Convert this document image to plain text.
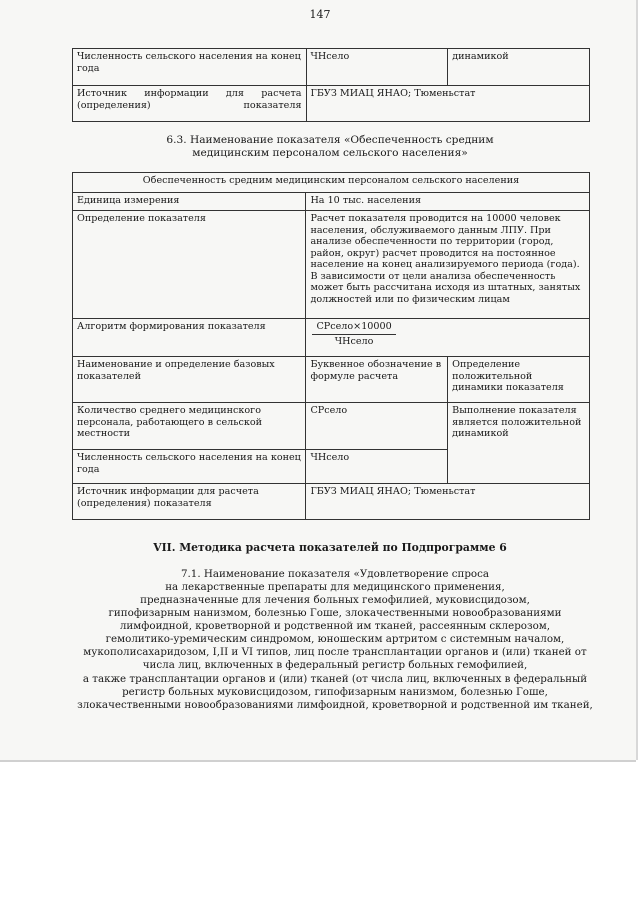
147
Численность сельского населения на конец года	ЧНсело	динамикой
Источник информации для расчета (определения) показателя	ГБУЗ МИАЦ ЯНАО; Тюменьстат	
6.3. Наименование показателя «Обеспеченность средним
медицинским персоналом сельского населения»
Обеспеченность средним медицинским персоналом сельского населения		
Единица измерения	На 10 тыс. населения	
Определение показателя	Расчет показателя проводится на 10000 человек населения, обслуживаемого данным ЛПУ. При анализе обеспеченности по территории (город, район, округ) расчет проводится на постоянное население на конец анализируемого периода (года). В зависимости от цели анализа обеспеченность может быть рассчитана исходя из штатных, занятых должностей или по физическим лицам	
Алгоритм формирования показателя	$\frac{\text{СРсело×10000}}{\text{ЧНсело}}$

Наименование и определение базовых показателей	Буквенное обозначение в формуле расчета	Определение положительной динамики показателя
Количество среднего медицинского персонала, работающего в сельской местности	СРсело	Выполнение показателя является положительной динамикой
Численность сельского населения на конец года	ЧНсело	
Источник информации для расчета (определения) показателя	ГБУЗ МИАЦ ЯНАО; Тюменьстат	
VII. Методика расчета показателей по Подпрограмме 6
7.1. Наименование показателя «Удовлетворение спроса
на лекарственные препараты для медицинского применения,
предназначенные для лечения больных гемофилией, муковисцидозом,
гипофизарным нанизмом, болезнью Гоше, злокачественными новообразованиями
лимфоидной, кроветворной и родственной им тканей, рассеянным склерозом,
гемолитико-уремическим синдромом, юношеским артритом с системным началом,
мукополисахаридозом, I,II и VI типов, лиц после трансплантации органов и (или) тканей от
числа лиц, включенных в федеральный регистр больных гемофилией,
а также трансплантации органов и (или) тканей (от числа лиц, включенных в федеральный
регистр больных муковисцидозом, гипофизарным нанизмом, болезнью Гоше,
злокачественными новообразованиями лимфоидной, кроветворной и родственной им тканей,
